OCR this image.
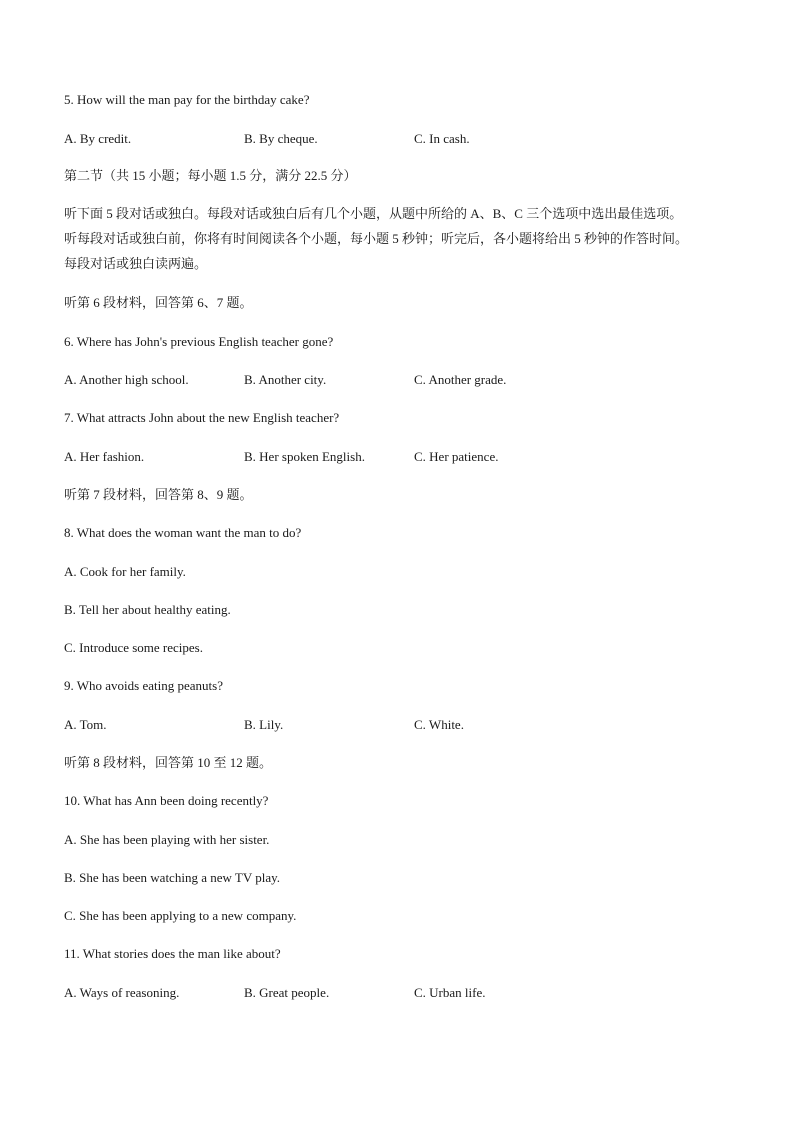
5. How will the man pay for the birthday cake?
A. By credit.	B. By cheque.	C. In cash.
第二节（共 15 小题；每小题 1.5 分，满分 22.5 分）
听下面 5 段对话或独白。每段对话或独白后有几个小题，从题中所给的 A、B、C 三个选项中选出最佳选项。
听每段对话或独白前，你将有时间阅读各个小题，每小题 5 秒钟；听完后，各小题将给出 5 秒钟的作答时间。
每段对话或独白读两遍。
听第 6 段材料，回答第 6、7 题。
6. Where has John's previous English teacher gone?
A. Another high school.	B. Another city.	C. Another grade.
7. What attracts John about the new English teacher?
A. Her fashion.	B. Her spoken English.	C. Her patience.
听第 7 段材料，回答第 8、9 题。
8. What does the woman want the man to do?
A. Cook for her family.
B. Tell her about healthy eating.
C. Introduce some recipes.
9. Who avoids eating peanuts?
A. Tom.	B. Lily.	C. White.
听第 8 段材料，回答第 10 至 12 题。
10. What has Ann been doing recently?
A. She has been playing with her sister.
B. She has been watching a new TV play.
C. She has been applying to a new company.
11. What stories does the man like about?
A. Ways of reasoning.	B. Great people.	C. Urban life.
